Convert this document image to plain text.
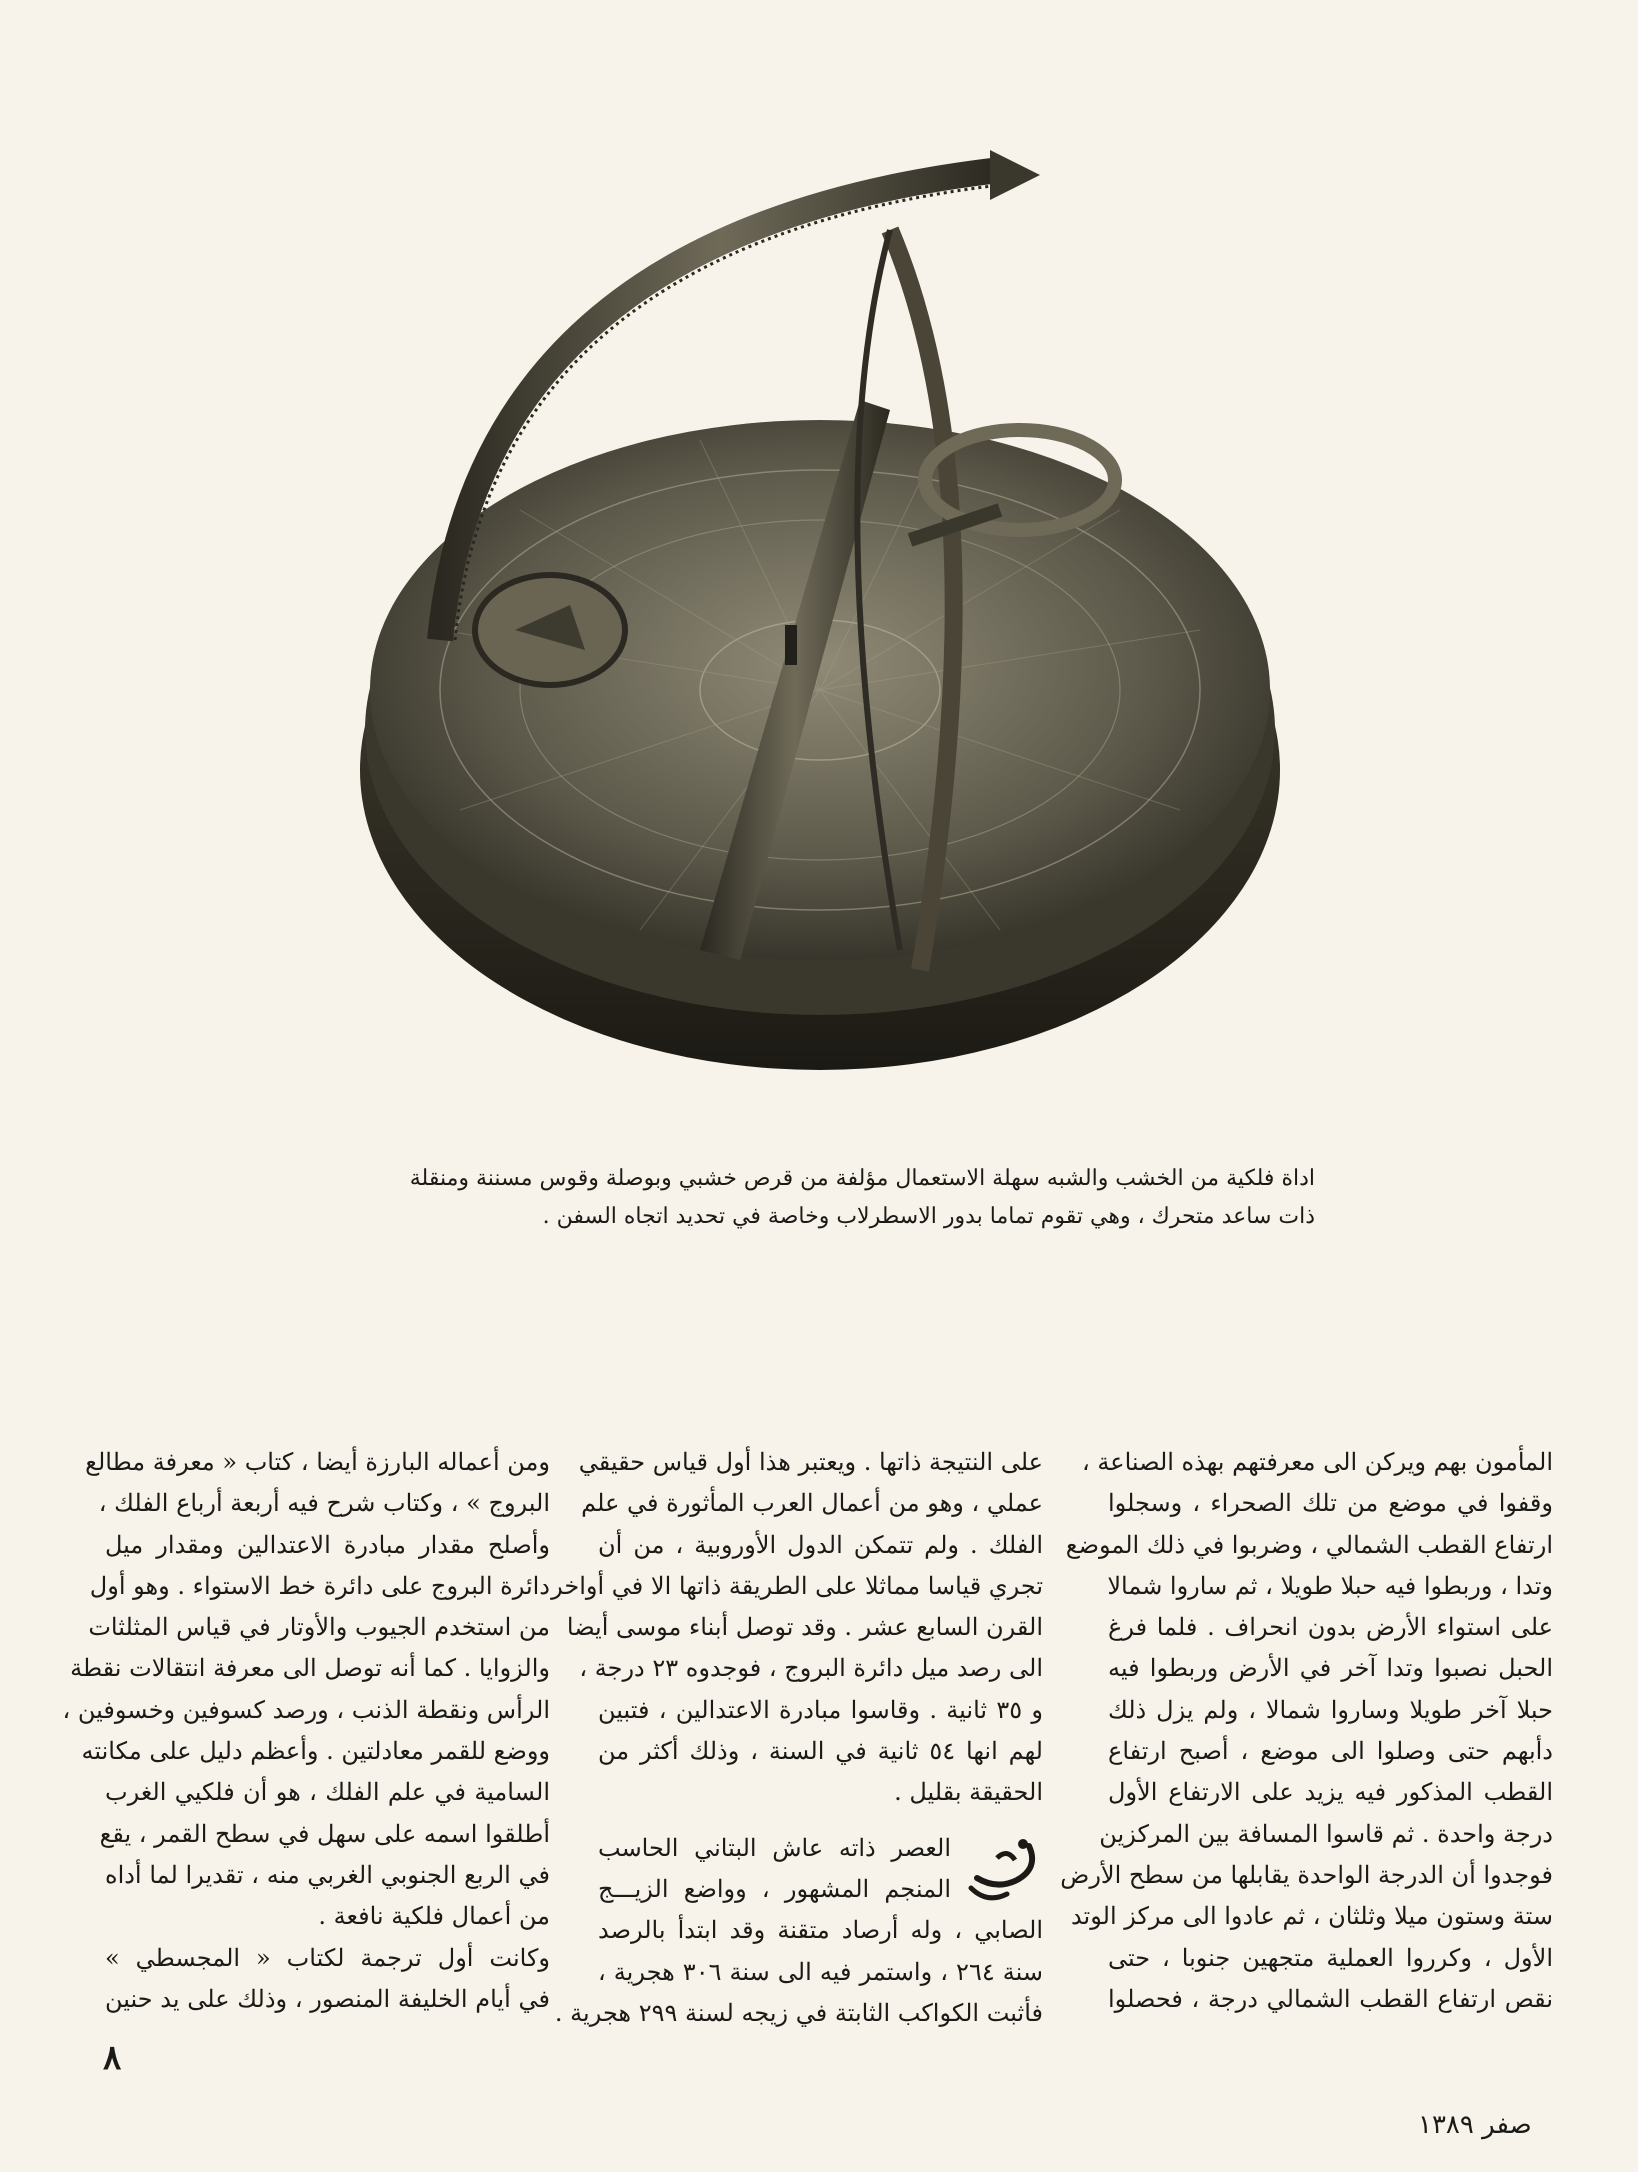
اداة فلكية من الخشب والشبه سهلة الاستعمال مؤلفة من قرص خشبي وبوصلة وقوس مسننة ومنقلة
ذات ساعد متحرك ، وهي تقوم تماما بدور الاسطرلاب وخاصة في تحديد اتجاه السفن .
المأمون بهم ويركن الى معرفتهم بهذه الصناعة ،
وقفوا في موضع من تلك الصحراء ، وسجلوا
ارتفاع القطب الشمالي ، وضربوا في ذلك الموضع
وتدا ، وربطوا فيه حبلا طويلا ، ثم ساروا شمالا
على استواء الأرض بدون انحراف . فلما فرغ
الحبل نصبوا وتدا آخر في الأرض وربطوا فيه
حبلا آخر طويلا وساروا شمالا ، ولم يزل ذلك
دأبهم حتى وصلوا الى موضع ، أصبح ارتفاع
القطب المذكور فيه يزيد على الارتفاع الأول
درجة واحدة . ثم قاسوا المسافة بين المركزين
فوجدوا أن الدرجة الواحدة يقابلها من سطح الأرض
ستة وستون ميلا وثلثان ، ثم عادوا الى مركز الوتد
الأول ، وكرروا العملية متجهين جنوبا ، حتى
نقص ارتفاع القطب الشمالي درجة ، فحصلوا
على النتيجة ذاتها . ويعتبر هذا أول قياس حقيقي
عملي ، وهو من أعمال العرب المأثورة في علم
الفلك . ولم تتمكن الدول الأوروبية ، من أن
تجري قياسا مماثلا على الطريقة ذاتها الا في أواخر
القرن السابع عشر . وقد توصل أبناء موسى أيضا
الى رصد ميل دائرة البروج ، فوجدوه ٢٣ درجة ،
و ٣٥ ثانية . وقاسوا مبادرة الاعتدالين ، فتبين
لهم انها ٥٤ ثانية في السنة ، وذلك أكثر من
الحقيقة بقليل .
العصر ذاته عاش البتاني الحاسب
المنجم المشهور ، وواضع الزيـــج
الصابي ، وله أرصاد متقنة وقد ابتدأ بالرصد
سنة ٢٦٤ ، واستمر فيه الى سنة ٣٠٦ هجرية ،
فأثبت الكواكب الثابتة في زيجه لسنة ٢٩٩ هجرية .
ومن أعماله البارزة أيضا ، كتاب « معرفة مطالع
البروج » ، وكتاب شرح فيه أربعة أرباع الفلك ،
وأصلح مقدار مبادرة الاعتدالين ومقدار ميل
دائرة البروج على دائرة خط الاستواء . وهو أول
من استخدم الجيوب والأوتار في قياس المثلثات
والزوايا . كما أنه توصل الى معرفة انتقالات نقطة
الرأس ونقطة الذنب ، ورصد كسوفين وخسوفين ،
ووضع للقمر معادلتين . وأعظم دليل على مكانته
السامية في علم الفلك ، هو أن فلكيي الغرب
أطلقوا اسمه على سهل في سطح القمر ، يقع
في الربع الجنوبي الغربي منه ، تقديرا لما أداه
من أعمال فلكية نافعة .
وكانت أول ترجمة لكتاب « المجسطي »
في أيام الخليفة المنصور ، وذلك على يد حنين
٨
صفر ١٣٨٩
